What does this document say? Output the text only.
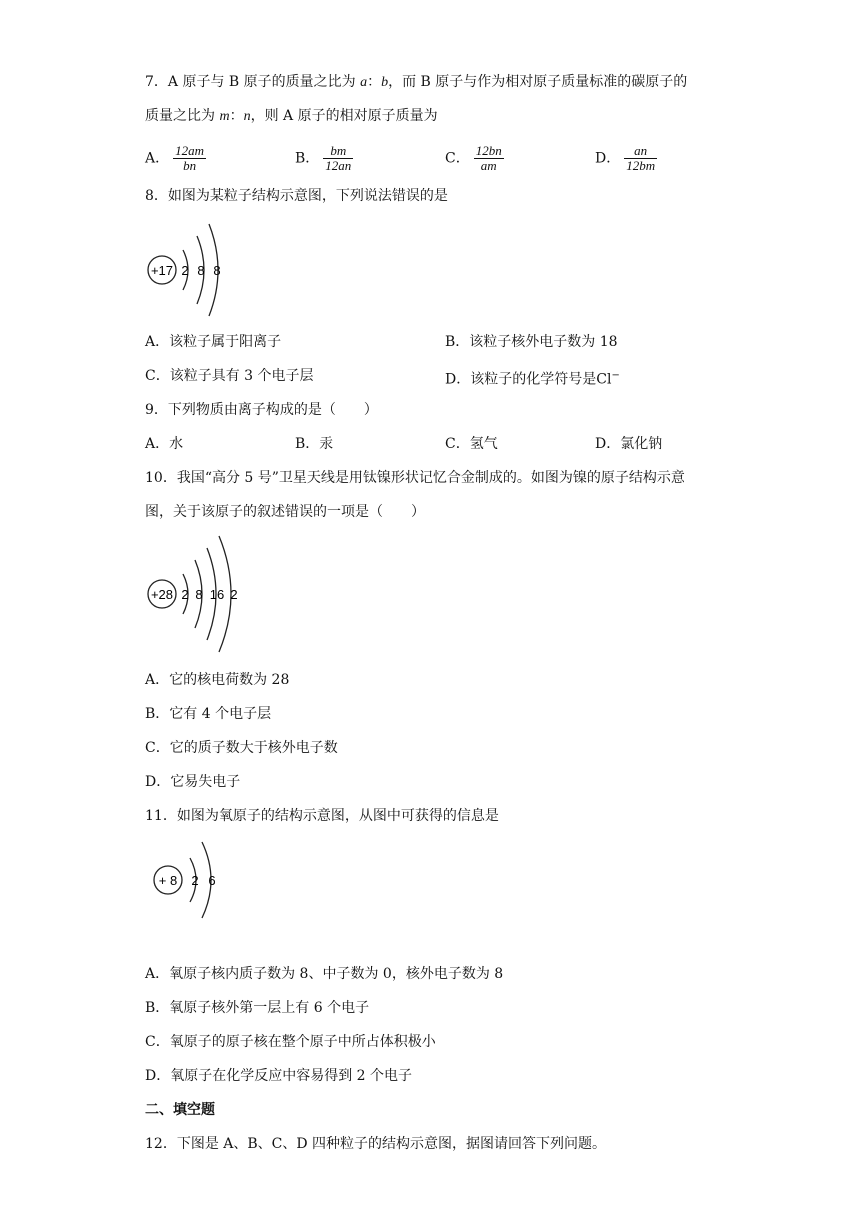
7．A 原子与 B 原子的质量之比为 a：b，而 B 原子与作为相对原子质量标准的碳原子的
质量之比为 m：n，则 A 原子的相对原子质量为
A． $\frac{12am}{bn}$	B． $\frac{bm}{12an}$	C． $\frac{12bn}{am}$	D． $\frac{an}{12bm}$
8．如图为某粒子结构示意图，下列说法错误的是
+17 2 8 8
A．该粒子属于阳离子	B．该粒子核外电子数为 18
C．该粒子具有 3 个电子层	D．该粒子的化学符号是Cl−
9．下列物质由离子构成的是（　　）
A．水	B．汞	C．氢气	D．氯化钠
10．我国“高分 5 号”卫星天线是用钛镍形状记忆合金制成的。如图为镍的原子结构示意
图，关于该原子的叙述错误的一项是（　　）
+28 2 8 16 2
A．它的核电荷数为 28
B．它有 4 个电子层
C．它的质子数大于核外电子数
D．它易失电子
11．如图为氧原子的结构示意图，从图中可获得的信息是
+ 8 2 6
A．氧原子核内质子数为 8、中子数为 0，核外电子数为 8
B．氧原子核外第一层上有 6 个电子
C．氧原子的原子核在整个原子中所占体积极小
D．氧原子在化学反应中容易得到 2 个电子
二、填空题
12．下图是 A、B、C、D 四种粒子的结构示意图，据图请回答下列问题。
